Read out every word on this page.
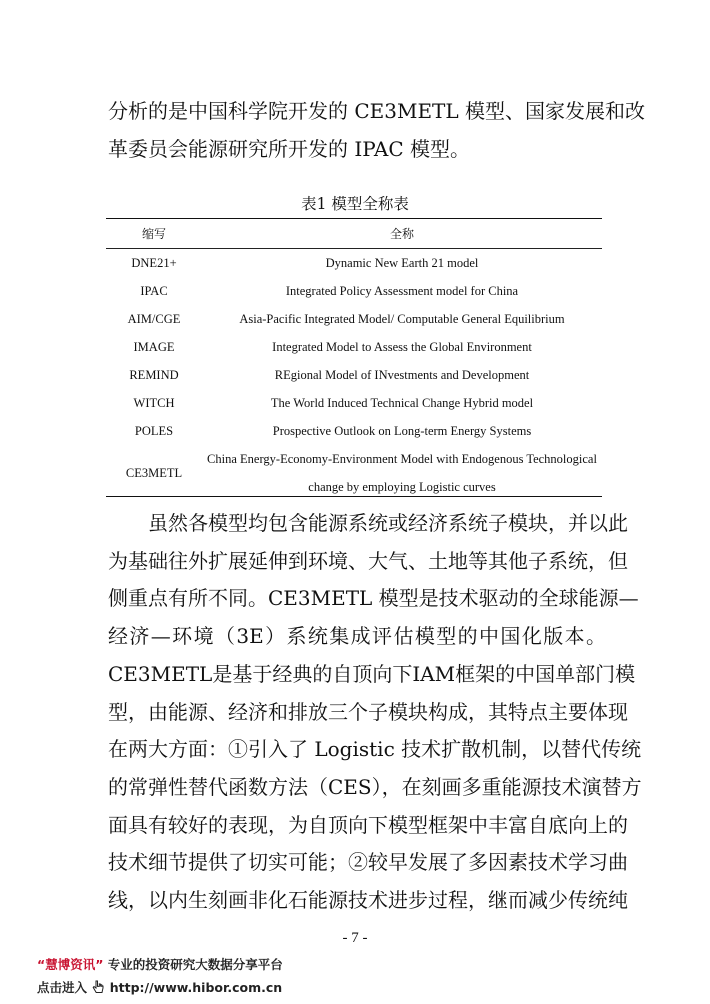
分析的是中国科学院开发的 CE3METL 模型、国家发展和改
革委员会能源研究所开发的 IPAC 模型。
表1 模型全称表
缩写	全称
DNE21+	Dynamic New Earth 21 model
IPAC	Integrated Policy Assessment model for China
AIM/CGE	Asia-Pacific Integrated Model/ Computable General Equilibrium
IMAGE	Integrated Model to Assess the Global Environment
REMIND	REgional Model of INvestments and Development
WITCH	The World Induced Technical Change Hybrid model
POLES	Prospective Outlook on Long-term Energy Systems
CE3METL	China Energy-Economy-Environment Model with Endogenous Technological
change by employing Logistic curves
　　虽然各模型均包含能源系统或经济系统子模块，并以此
为基础往外扩展延伸到环境、大气、土地等其他子系统，但
侧重点有所不同。CE3METL 模型是技术驱动的全球能源—
经济—环境（3E）系统集成评估模型的中国化版本。
CE3METL是基于经典的自顶向下IAM框架的中国单部门模
型，由能源、经济和排放三个子模块构成，其特点主要体现
在两大方面：①引入了 Logistic 技术扩散机制，以替代传统
的常弹性替代函数方法（CES），在刻画多重能源技术演替方
面具有较好的表现，为自顶向下模型框架中丰富自底向上的
技术细节提供了切实可能；②较早发展了多因素技术学习曲
线，以内生刻画非化石能源技术进步过程，继而减少传统纯
- 7 -
“慧博资讯” 专业的投资研究大数据分享平台
点击进入 http://www.hibor.com.cn
